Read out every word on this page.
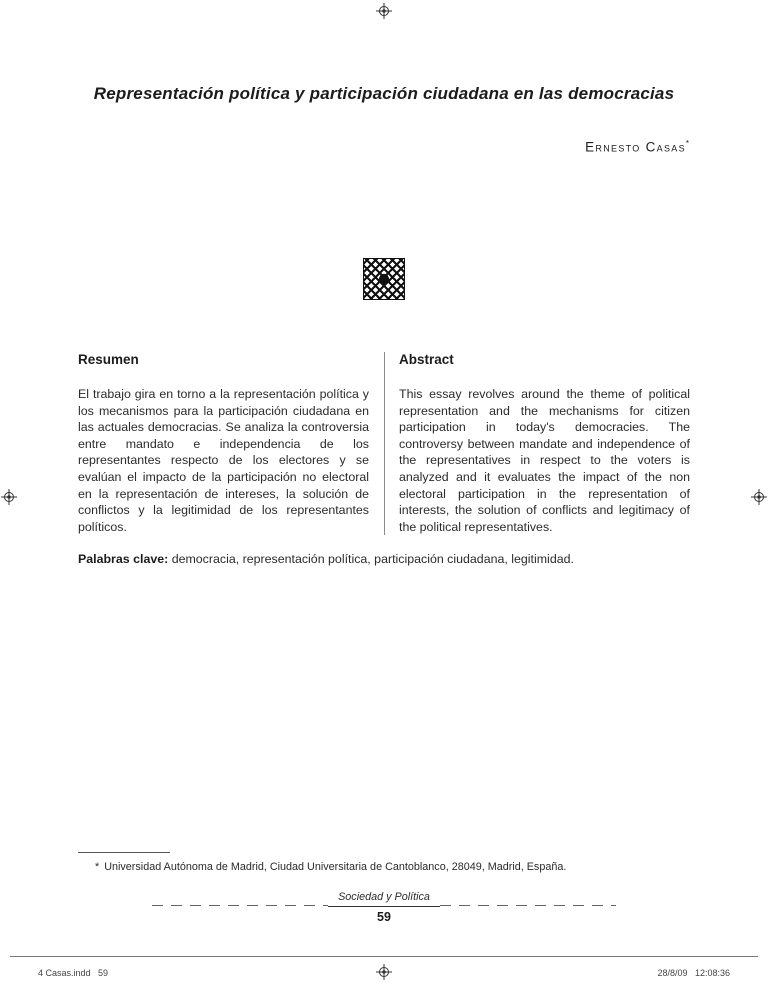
Representación política y participación ciudadana en las democracias
Ernesto Casas*
Resumen

El trabajo gira en torno a la representación política y los mecanismos para la participación ciudadana en las actuales democracias. Se analiza la controversia entre mandato e independencia de los representantes respecto de los electores y se evalúan el impacto de la participación no electoral en la representación de intereses, la solución de conflictos y la legitimidad de los representantes políticos.

Abstract

This essay revolves around the theme of political representation and the mechanisms for citizen participation in today's democracies. The controversy between mandate and independence of the representatives in respect to the voters is analyzed and it evaluates the impact of the non electoral participation in the representation of interests, the solution of conflicts and legitimacy of the political representatives.

Palabras clave: democracia, representación política, participación ciudadana, legitimidad.

* Universidad Autónoma de Madrid, Ciudad Universitaria de Cantoblanco, 28049, Madrid, España.

Sociedad y Política
59
4 Casas.indd   59	28/8/09   12:08:36
